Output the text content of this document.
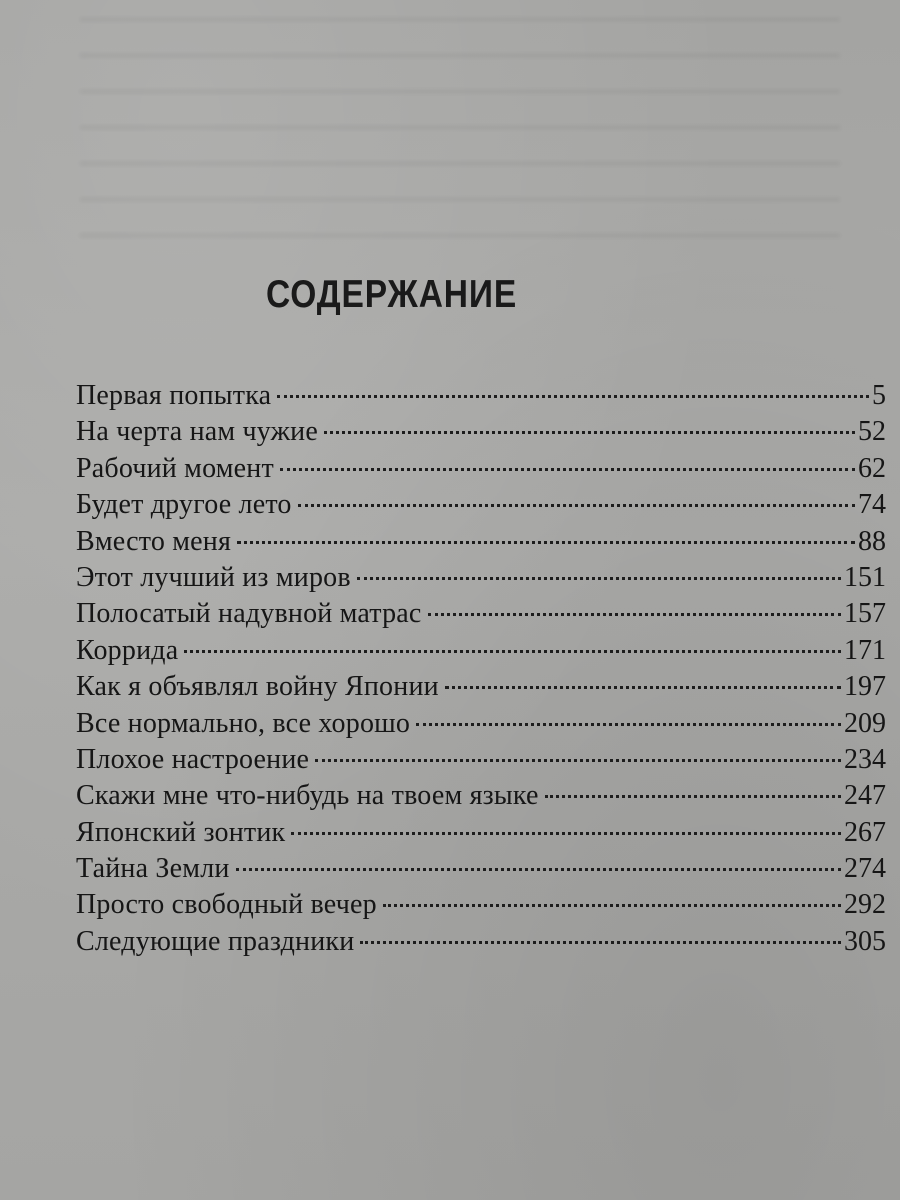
СОДЕРЖАНИЕ
Первая попытка	5
На черта нам чужие	52
Рабочий момент	62
Будет другое лето	74
Вместо меня	88
Этот лучший из миров	151
Полосатый надувной матрас	157
Коррида	171
Как я объявлял войну Японии	197
Все нормально, все хорошо	209
Плохое настроение	234
Скажи мне что-нибудь на твоем языке	247
Японский зонтик	267
Тайна Земли	274
Просто свободный вечер	292
Следующие праздники	305
